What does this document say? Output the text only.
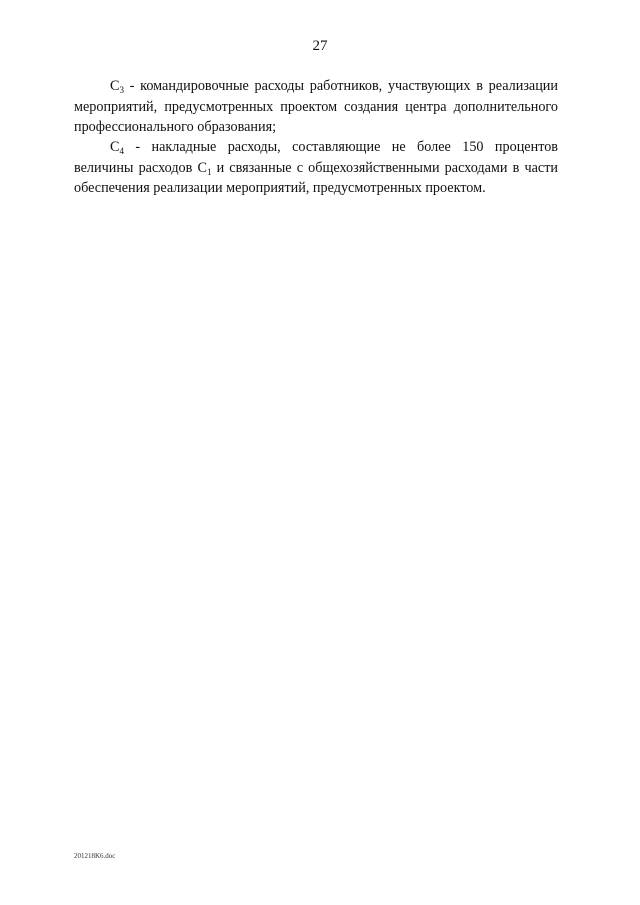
27

$C_3$ - командировочные расходы работников, участвующих в реализации мероприятий, предусмотренных проектом создания центра дополнительного профессионального образования;

$C_4$ - накладные расходы, составляющие не более 150 процентов величины расходов $C_1$ и связанные с общехозяйственными расходами в части обеспечения реализации мероприятий, предусмотренных проектом.

201218K6.doc
